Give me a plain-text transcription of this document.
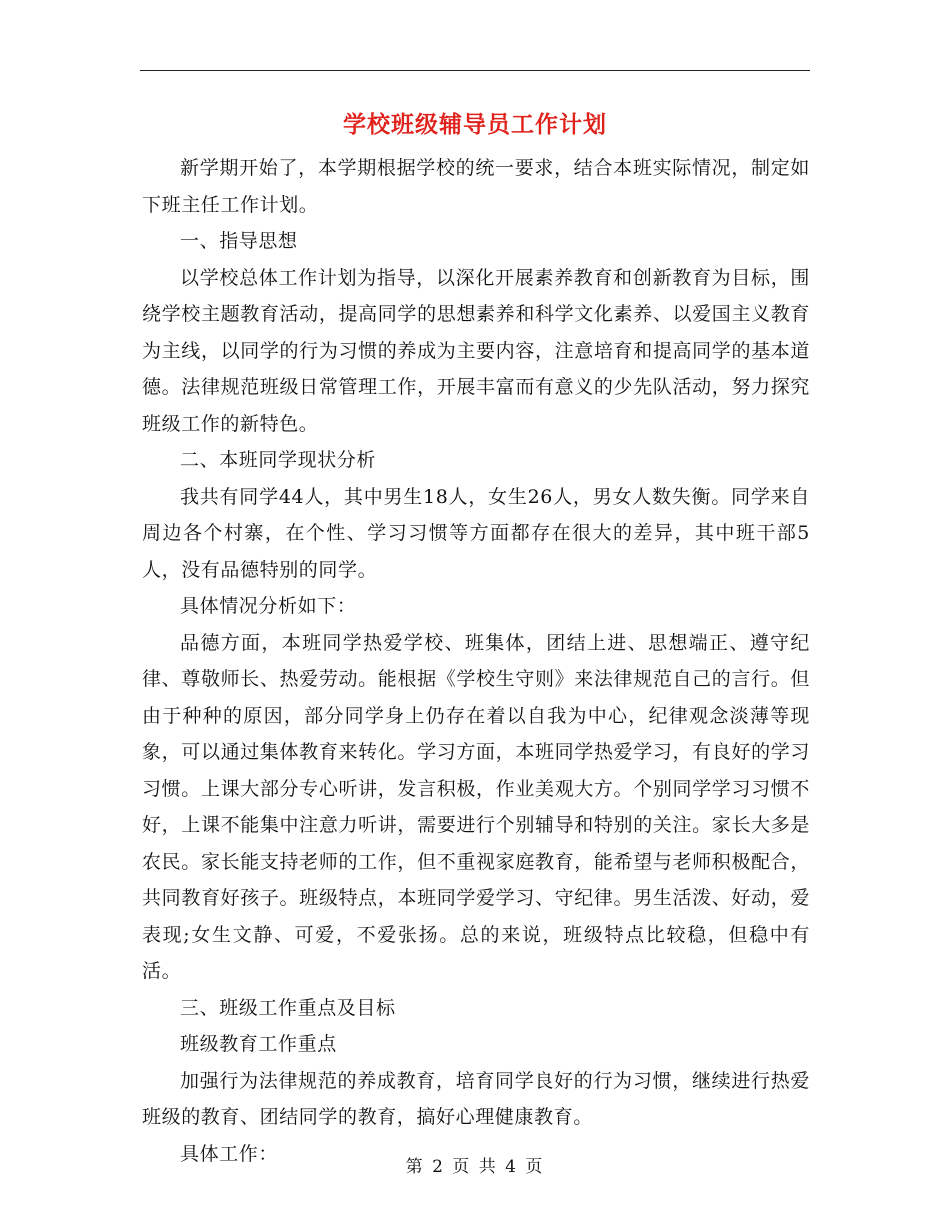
学校班级辅导员工作计划

新学期开始了，本学期根据学校的统一要求，结合本班实际情况，制定如下班主任工作计划。

一、指导思想

以学校总体工作计划为指导，以深化开展素养教育和创新教育为目标，围绕学校主题教育活动，提高同学的思想素养和科学文化素养、以爱国主义教育为主线，以同学的行为习惯的养成为主要内容，注意培育和提高同学的基本道德。法律规范班级日常管理工作，开展丰富而有意义的少先队活动，努力探究班级工作的新特色。

二、本班同学现状分析

我共有同学44人，其中男生18人，女生26人，男女人数失衡。同学来自周边各个村寨，在个性、学习习惯等方面都存在很大的差异，其中班干部5人，没有品德特别的同学。

具体情况分析如下：

品德方面，本班同学热爱学校、班集体，团结上进、思想端正、遵守纪律、尊敬师长、热爱劳动。能根据《学校生守则》来法律规范自己的言行。但由于种种的原因，部分同学身上仍存在着以自我为中心，纪律观念淡薄等现象，可以通过集体教育来转化。学习方面，本班同学热爱学习，有良好的学习习惯。上课大部分专心听讲，发言积极，作业美观大方。个别同学学习习惯不好，上课不能集中注意力听讲，需要进行个别辅导和特别的关注。家长大多是农民。家长能支持老师的工作，但不重视家庭教育，能希望与老师积极配合，共同教育好孩子。班级特点，本班同学爱学习、守纪律。男生活泼、好动，爱表现;女生文静、可爱，不爱张扬。总的来说，班级特点比较稳，但稳中有活。

三、班级工作重点及目标

班级教育工作重点

加强行为法律规范的养成教育，培育同学良好的行为习惯，继续进行热爱班级的教育、团结同学的教育，搞好心理健康教育。

具体工作：

第 2 页 共 4 页
